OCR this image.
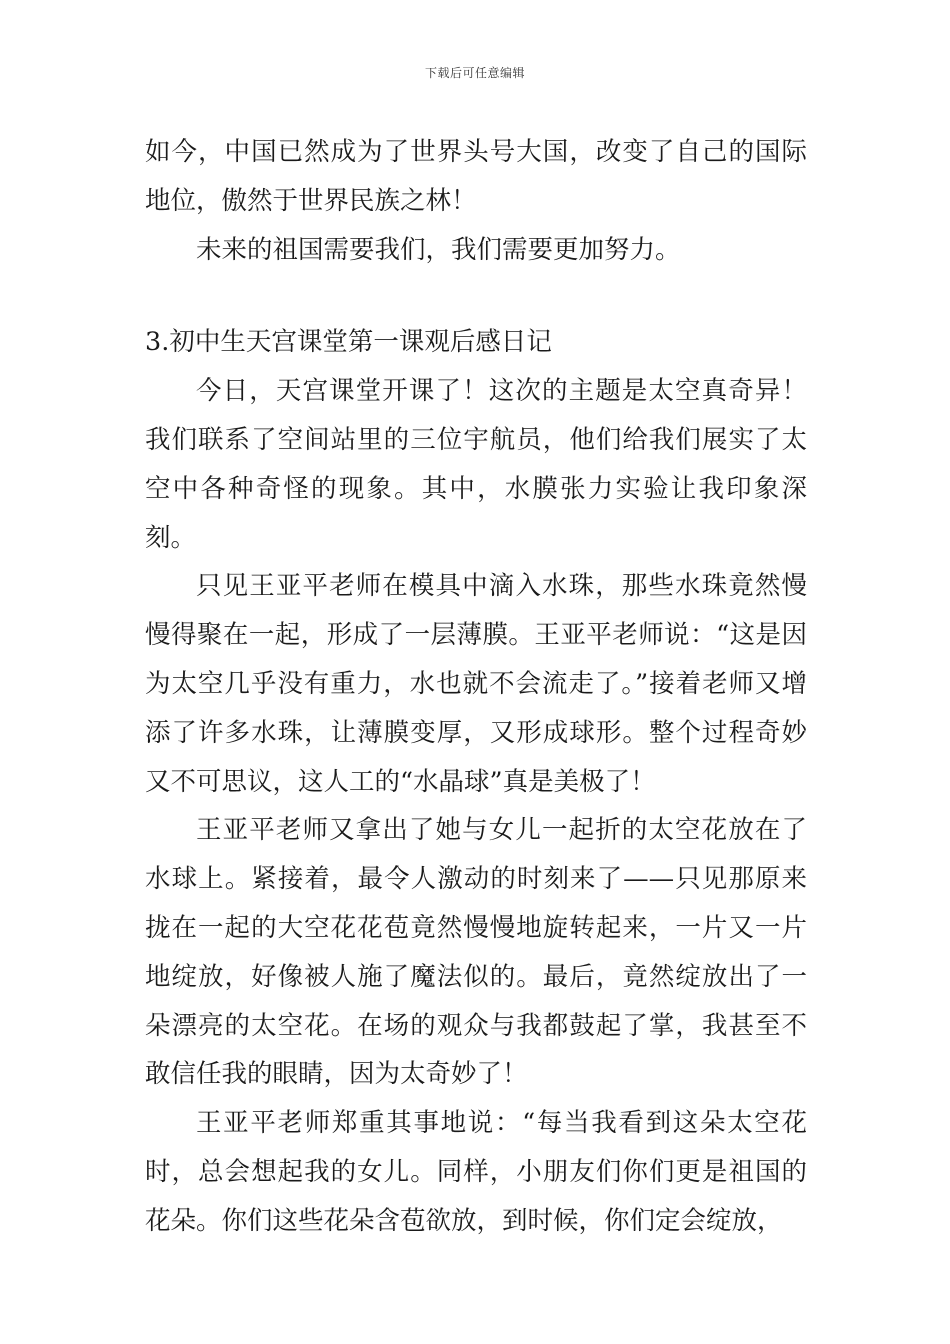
下载后可任意编辑

如今，中国已然成为了世界头号大国，改变了自己的国际地位，傲然于世界民族之林！

未来的祖国需要我们，我们需要更加努力。

3.初中生天宫课堂第一课观后感日记

今日，天宫课堂开课了！这次的主题是太空真奇异！我们联系了空间站里的三位宇航员，他们给我们展实了太空中各种奇怪的现象。其中，水膜张力实验让我印象深刻。

只见王亚平老师在模具中滴入水珠，那些水珠竟然慢慢得聚在一起，形成了一层薄膜。王亚平老师说：“这是因为太空几乎没有重力，水也就不会流走了。”接着老师又增添了许多水珠，让薄膜变厚，又形成球形。整个过程奇妙又不可思议，这人工的“水晶球”真是美极了！

王亚平老师又拿出了她与女儿一起折的太空花放在了水球上。紧接着，最令人激动的时刻来了——只见那原来拢在一起的大空花花苞竟然慢慢地旋转起来，一片又一片地绽放，好像被人施了魔法似的。最后，竟然绽放出了一朵漂亮的太空花。在场的观众与我都鼓起了掌，我甚至不敢信任我的眼睛，因为太奇妙了！

王亚平老师郑重其事地说：“每当我看到这朵太空花时，总会想起我的女儿。同样，小朋友们你们更是祖国的花朵。你们这些花朵含苞欲放，到时候，你们定会绽放，
